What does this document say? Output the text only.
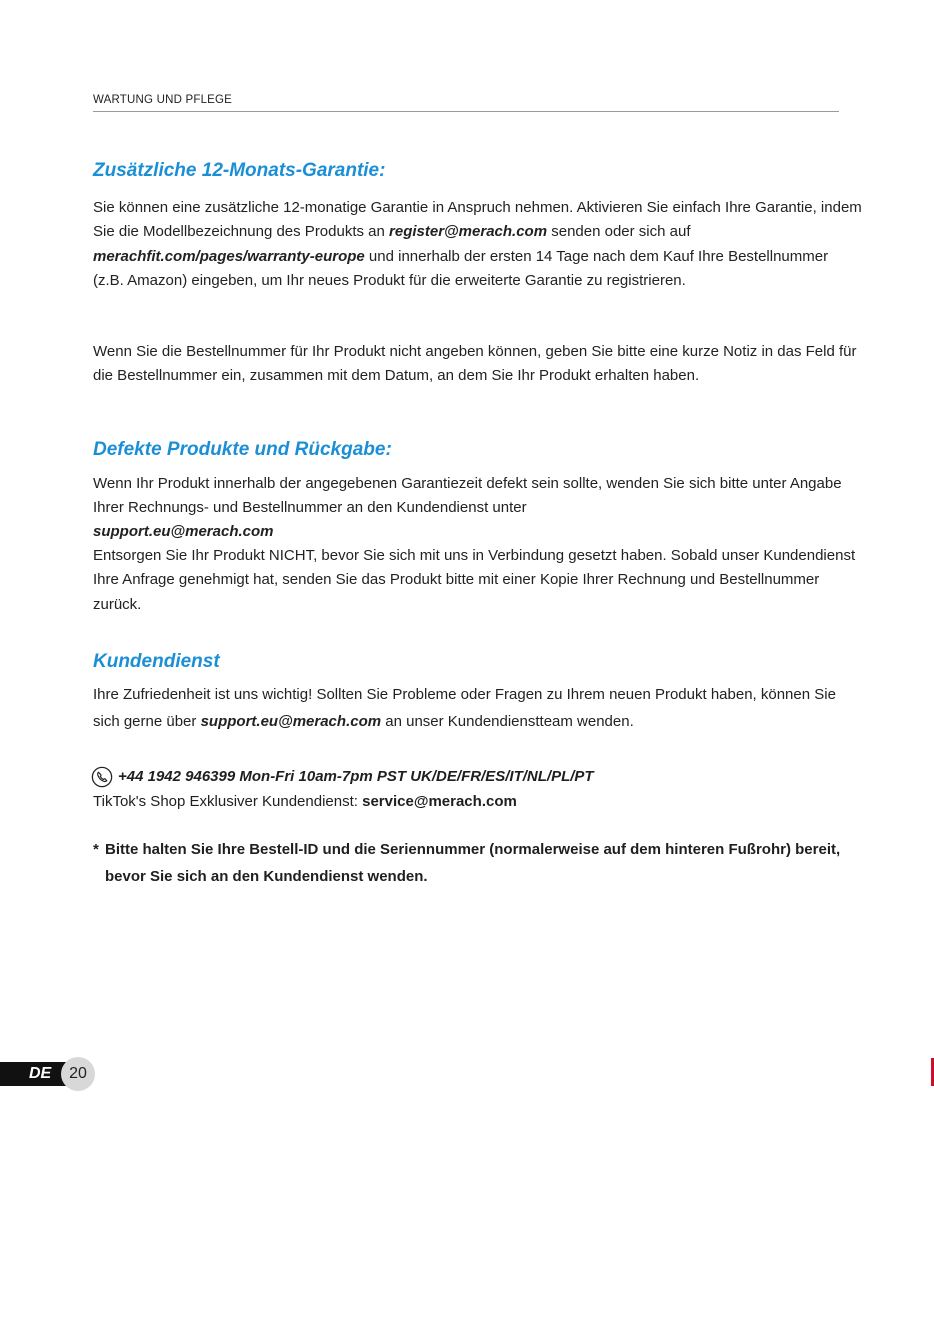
WARTUNG UND PFLEGE
Zusätzliche 12-Monats-Garantie:

Sie können eine zusätzliche 12-monatige Garantie in Anspruch nehmen. Aktivieren Sie einfach Ihre Garantie, indem Sie die Modellbezeichnung des Produkts an register@merach.com senden oder sich auf merachfit.com/pages/warranty-europe und innerhalb der ersten 14 Tage nach dem Kauf Ihre Bestellnummer (z.B. Amazon) eingeben, um Ihr neues Produkt für die erweiterte Garantie zu registrieren.

Wenn Sie die Bestellnummer für Ihr Produkt nicht angeben können, geben Sie bitte eine kurze Notiz in das Feld für die Bestellnummer ein, zusammen mit dem Datum, an dem Sie Ihr Produkt erhalten haben.

Defekte Produkte und Rückgabe:

Wenn Ihr Produkt innerhalb der angegebenen Garantiezeit defekt sein sollte, wenden Sie sich bitte unter Angabe Ihrer Rechnungs- und Bestellnummer an den Kundendienst unter

support.eu@merach.com

Entsorgen Sie Ihr Produkt NICHT, bevor Sie sich mit uns in Verbindung gesetzt haben. Sobald unser Kundendienst Ihre Anfrage genehmigt hat, senden Sie das Produkt bitte mit einer Kopie Ihrer Rechnung und Bestellnummer zurück.

Kundendienst

Ihre Zufriedenheit ist uns wichtig! Sollten Sie Probleme oder Fragen zu Ihrem neuen Produkt haben, können Sie sich gerne über support.eu@merach.com an unser Kundendienstteam wenden.

+44 1942 946399 Mon-Fri 10am-7pm PST UK/DE/FR/ES/IT/NL/PL/PT
TikTok's Shop Exklusiver Kundendienst: service@merach.com
* Bitte halten Sie Ihre Bestell-ID und die Seriennummer (normalerweise auf dem hinteren Fußrohr) bereit, bevor Sie sich an den Kundendienst wenden.
DE	20
